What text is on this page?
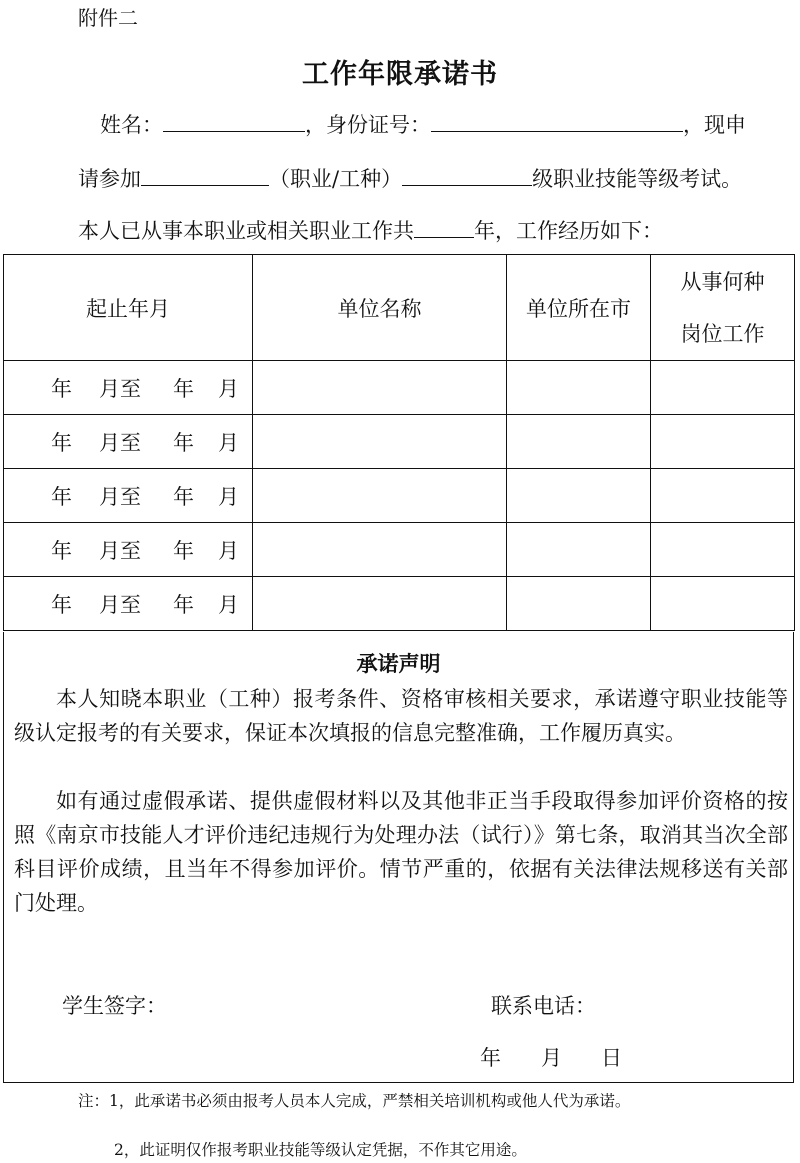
附件二
工作年限承诺书
姓名：	，身份证号：	，现申
请参加	（职业/工种）	级职业技能等级考试。
本人已从事本职业或相关职业工作共	年，工作经历如下：
起止年月	单位名称	单位所在市	从事何种
岗位工作

年 月至 年 月			

年 月至 年 月			

年 月至 年 月			

年 月至 年 月			

年 月至 年 月			

承诺声明
本人知晓本职业（工种）报考条件、资格审核相关要求，承诺遵守职业技能等级认定报考的有关要求，保证本次填报的信息完整准确，工作履历真实。
如有通过虚假承诺、提供虚假材料以及其他非正当手段取得参加评价资格的按照《南京市技能人才评价违纪违规行为处理办法（试行）》第七条，取消其当次全部科目评价成绩，且当年不得参加评价。情节严重的，依据有关法律法规移送有关部门处理。
学生签字：	联系电话：
年 月 日
注：1，此承诺书必须由报考人员本人完成，严禁相关培训机构或他人代为承诺。
2，此证明仅作报考职业技能等级认定凭据，不作其它用途。
